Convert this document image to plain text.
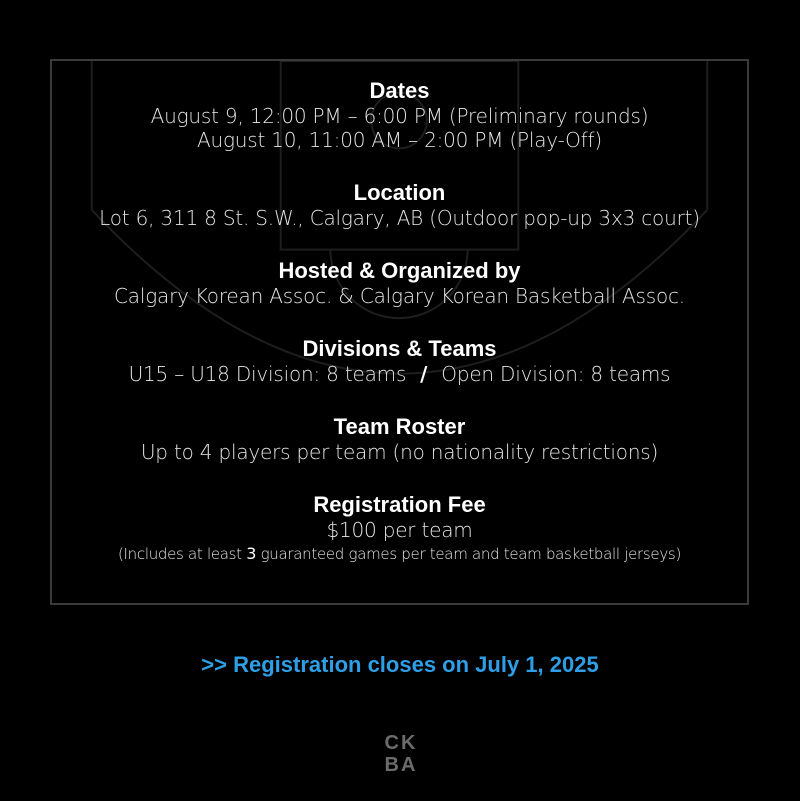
Dates

August 9, 12:00 PM – 6:00 PM (Preliminary rounds)

August 10, 11:00 AM – 2:00 PM (Play-Off)

Location

Lot 6, 311 8 St. S.W., Calgary, AB (Outdoor pop-up 3x3 court)

Hosted & Organized by

Calgary Korean Assoc. & Calgary Korean Basketball Assoc.

Divisions & Teams

U15 – U18 Division: 8 teams / Open Division: 8 teams

Team Roster

Up to 4 players per team (no nationality restrictions)

Registration Fee

$100 per team

(Includes at least 3 guaranteed games per team and team basketball jerseys)

>> Registration closes on July 1, 2025
CK
BA
